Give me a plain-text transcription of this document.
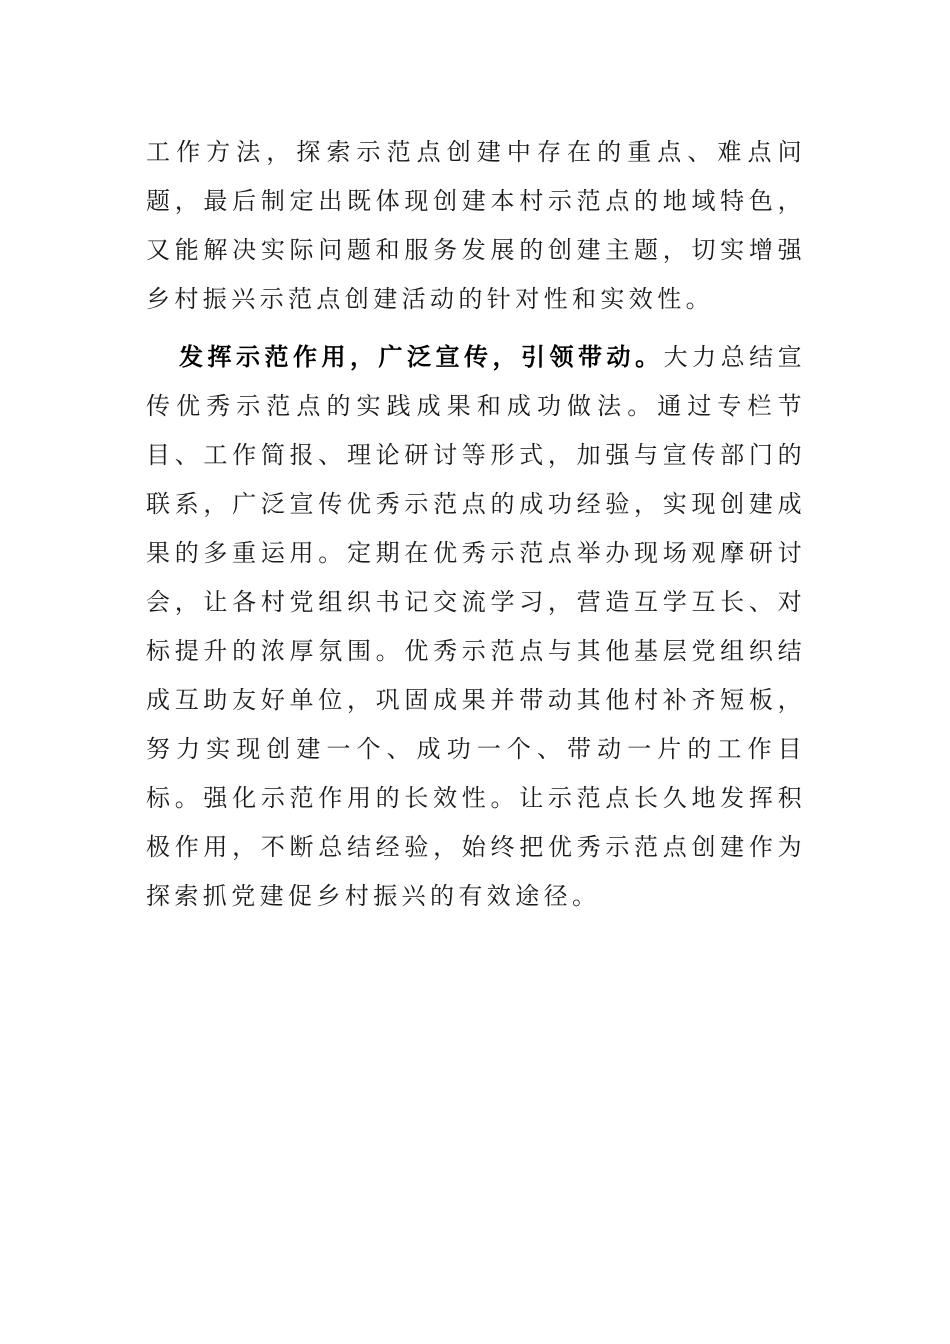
工作方法，探索示范点创建中存在的重点、难点问题，最后制定出既体现创建本村示范点的地域特色，又能解决实际问题和服务发展的创建主题，切实增强乡村振兴示范点创建活动的针对性和实效性。

发挥示范作用，广泛宣传，引领带动。大力总结宣传优秀示范点的实践成果和成功做法。通过专栏节目、工作简报、理论研讨等形式，加强与宣传部门的联系，广泛宣传优秀示范点的成功经验，实现创建成果的多重运用。定期在优秀示范点举办现场观摩研讨会，让各村党组织书记交流学习，营造互学互长、对标提升的浓厚氛围。优秀示范点与其他基层党组织结成互助友好单位，巩固成果并带动其他村补齐短板，努力实现创建一个、成功一个、带动一片的工作目标。强化示范作用的长效性。让示范点长久地发挥积极作用，不断总结经验，始终把优秀示范点创建作为探索抓党建促乡村振兴的有效途径。
